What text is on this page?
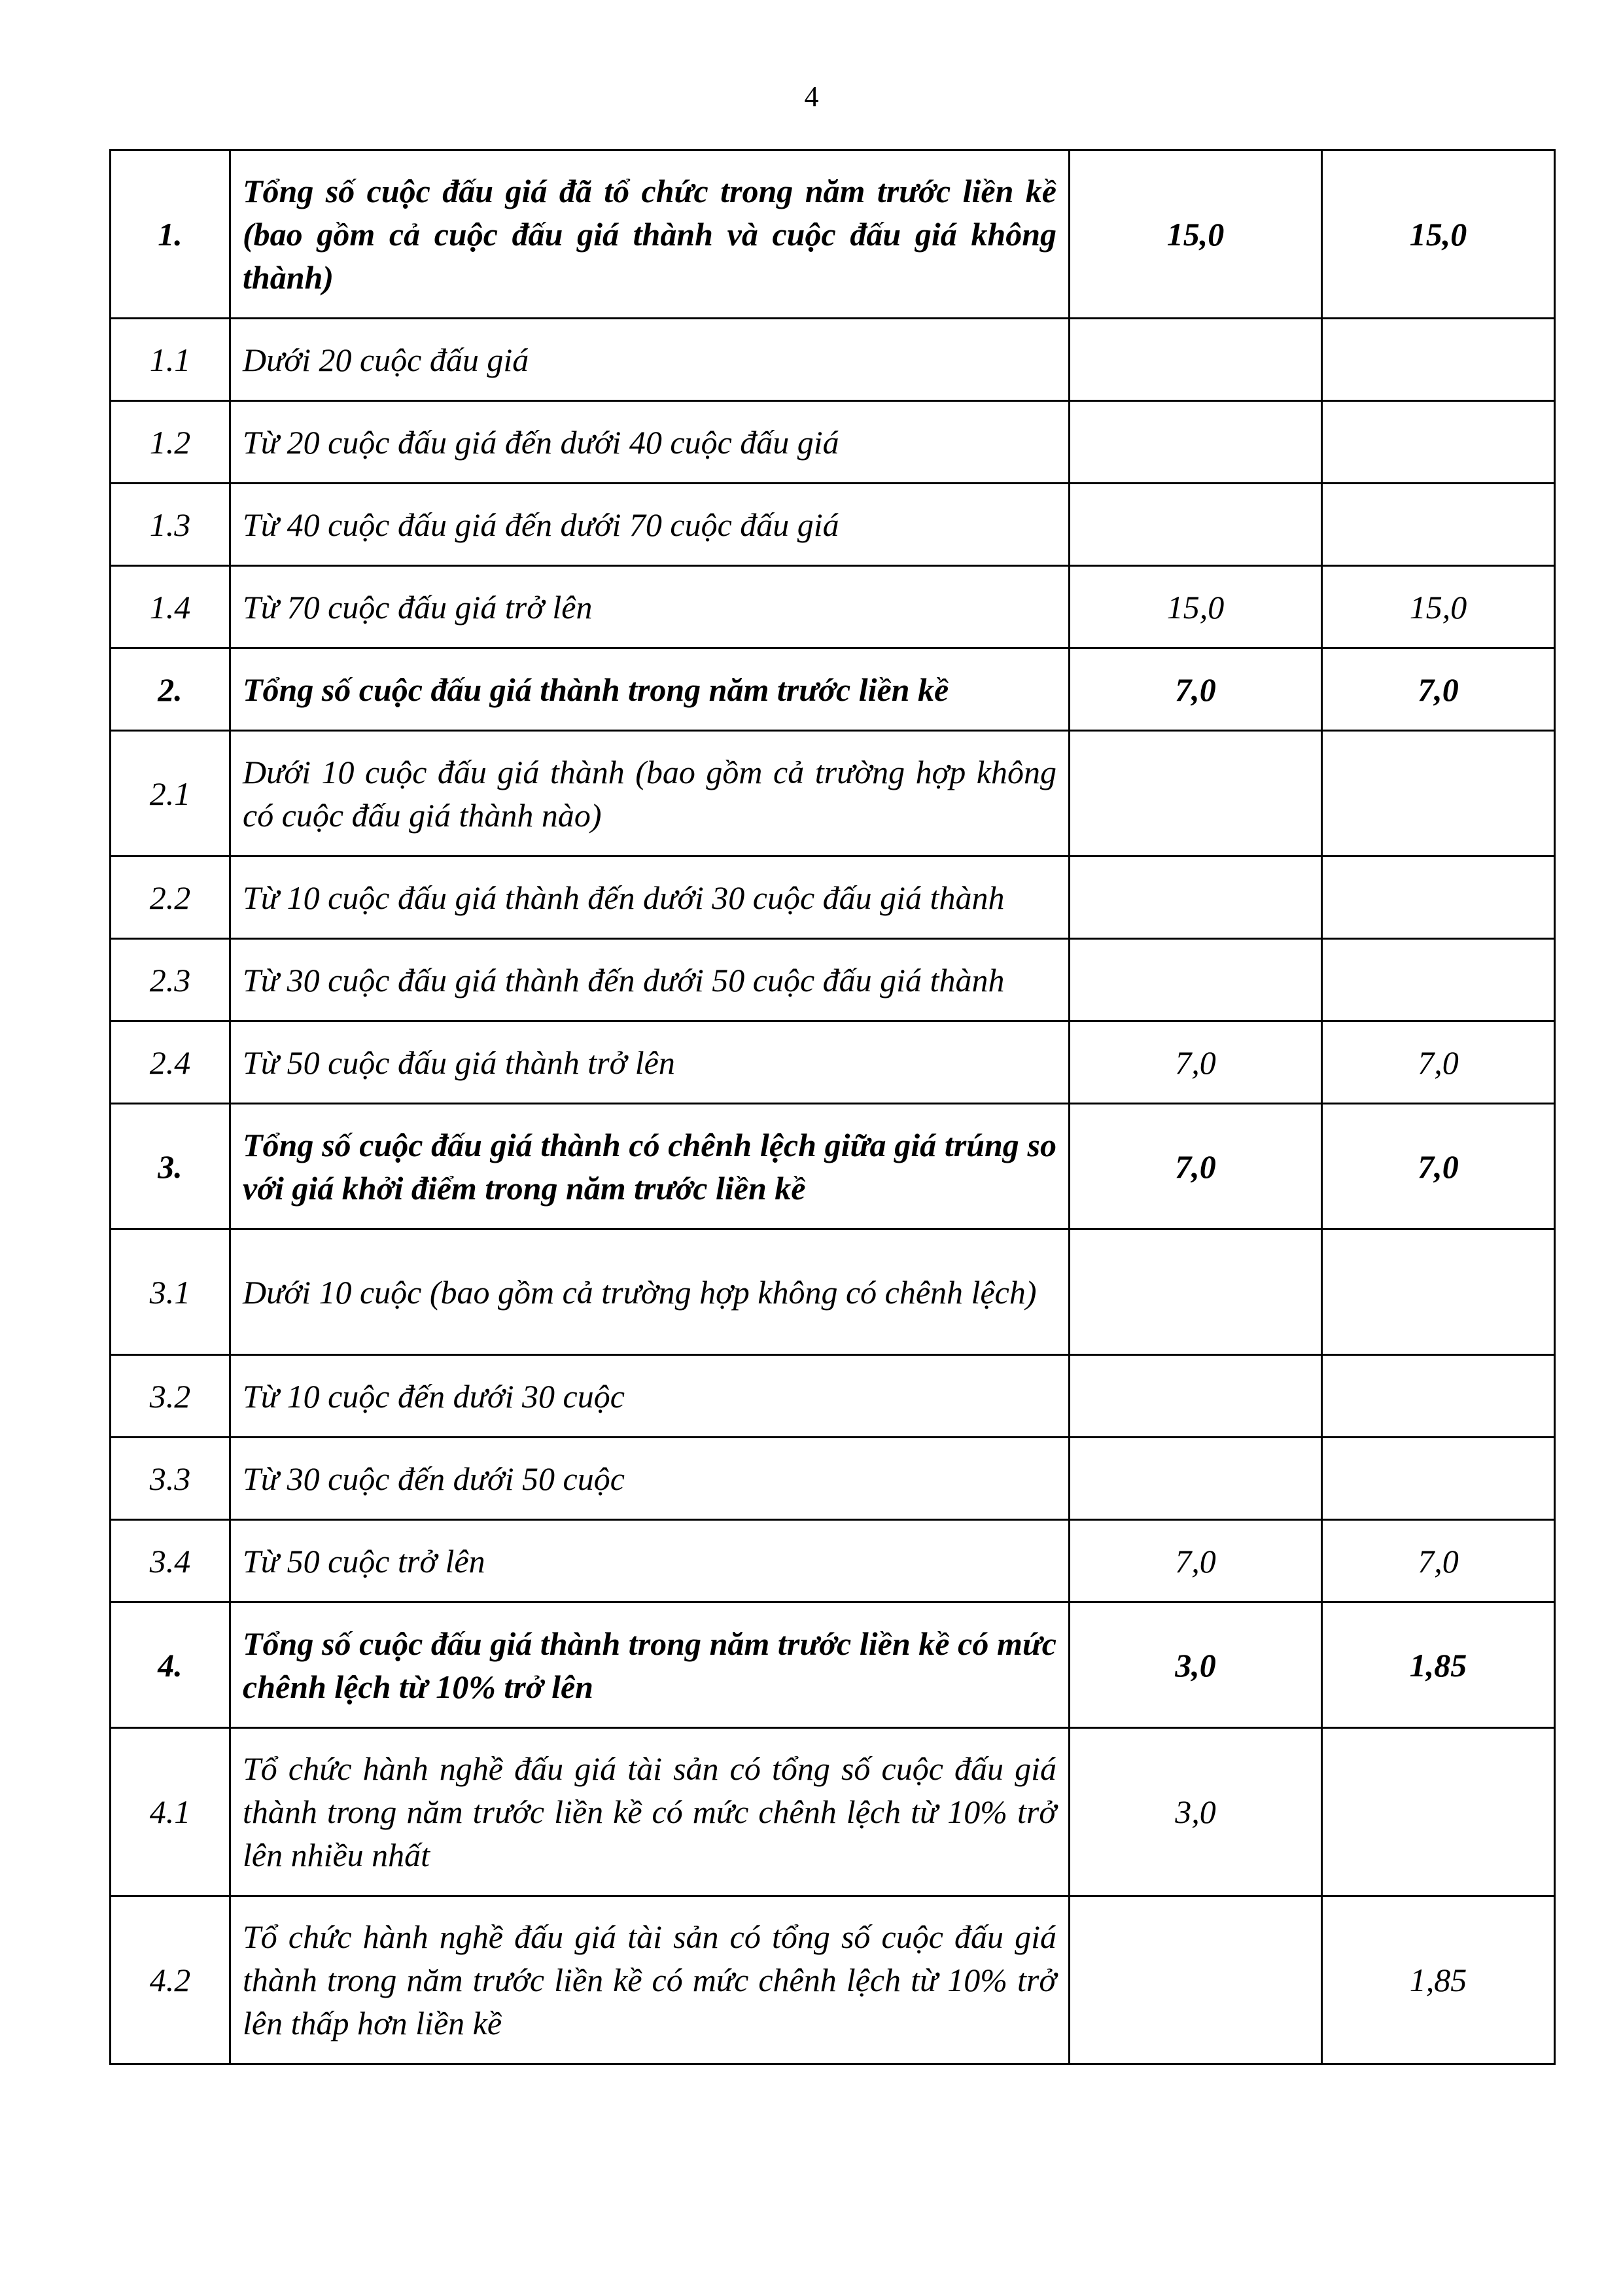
4
1.	Tổng số cuộc đấu giá đã tổ chức trong năm trước liền kề (bao gồm cả cuộc đấu giá thành và cuộc đấu giá không thành)	15,0	15,0
1.1	Dưới 20 cuộc đấu giá		
1.2	Từ 20 cuộc đấu giá đến dưới 40 cuộc đấu giá		
1.3	Từ 40 cuộc đấu giá đến dưới 70 cuộc đấu giá		
1.4	Từ 70 cuộc đấu giá trở lên	15,0	15,0
2.	Tổng số cuộc đấu giá thành trong năm trước liền kề	7,0	7,0
2.1	Dưới 10 cuộc đấu giá thành (bao gồm cả trường hợp không có cuộc đấu giá thành nào)		
2.2	Từ 10 cuộc đấu giá thành đến dưới 30 cuộc đấu giá thành		
2.3	Từ 30 cuộc đấu giá thành đến dưới 50 cuộc đấu giá thành		
2.4	Từ 50 cuộc đấu giá thành trở lên	7,0	7,0
3.	Tổng số cuộc đấu giá thành có chênh lệch giữa giá trúng so với giá khởi điểm trong năm trước liền kề	7,0	7,0
3.1	Dưới 10 cuộc (bao gồm cả trường hợp không có chênh lệch)		
3.2	Từ 10 cuộc đến dưới 30 cuộc		
3.3	Từ 30 cuộc đến dưới 50 cuộc		
3.4	Từ 50 cuộc trở lên	7,0	7,0
4.	Tổng số cuộc đấu giá thành trong năm trước liền kề có mức chênh lệch từ 10% trở lên	3,0	1,85
4.1	Tổ chức hành nghề đấu giá tài sản có tổng số cuộc đấu giá thành trong năm trước liền kề có mức chênh lệch từ 10% trở lên nhiều nhất	3,0	
4.2	Tổ chức hành nghề đấu giá tài sản có tổng số cuộc đấu giá thành trong năm trước liền kề có mức chênh lệch từ 10% trở lên thấp hơn liền kề		1,85
